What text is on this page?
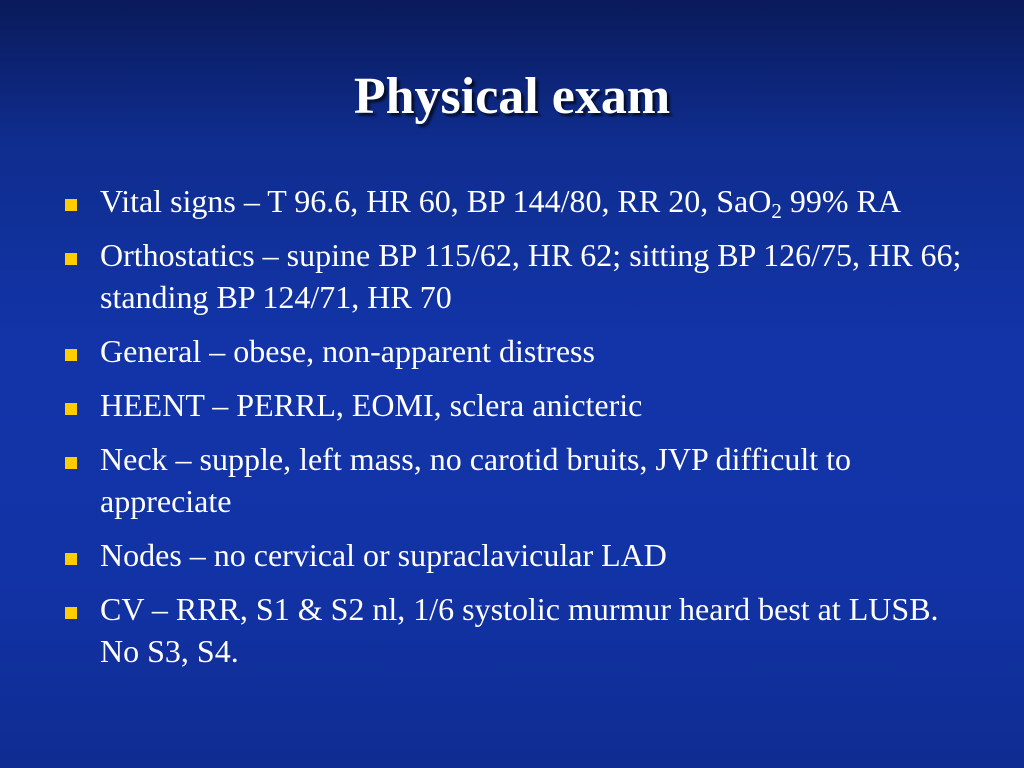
Physical exam
Vital signs – T 96.6, HR 60, BP 144/80, RR 20, SaO$_2$ 99% RA
Orthostatics – supine BP 115/62, HR 62; sitting BP 126/75, HR 66; standing BP 124/71, HR 70
General – obese, non-apparent distress
HEENT – PERRL, EOMI, sclera anicteric
Neck – supple, left mass, no carotid bruits, JVP difficult to appreciate
Nodes – no cervical or supraclavicular LAD
CV – RRR, S1 & S2 nl, 1/6 systolic murmur heard best at LUSB. No S3, S4.
